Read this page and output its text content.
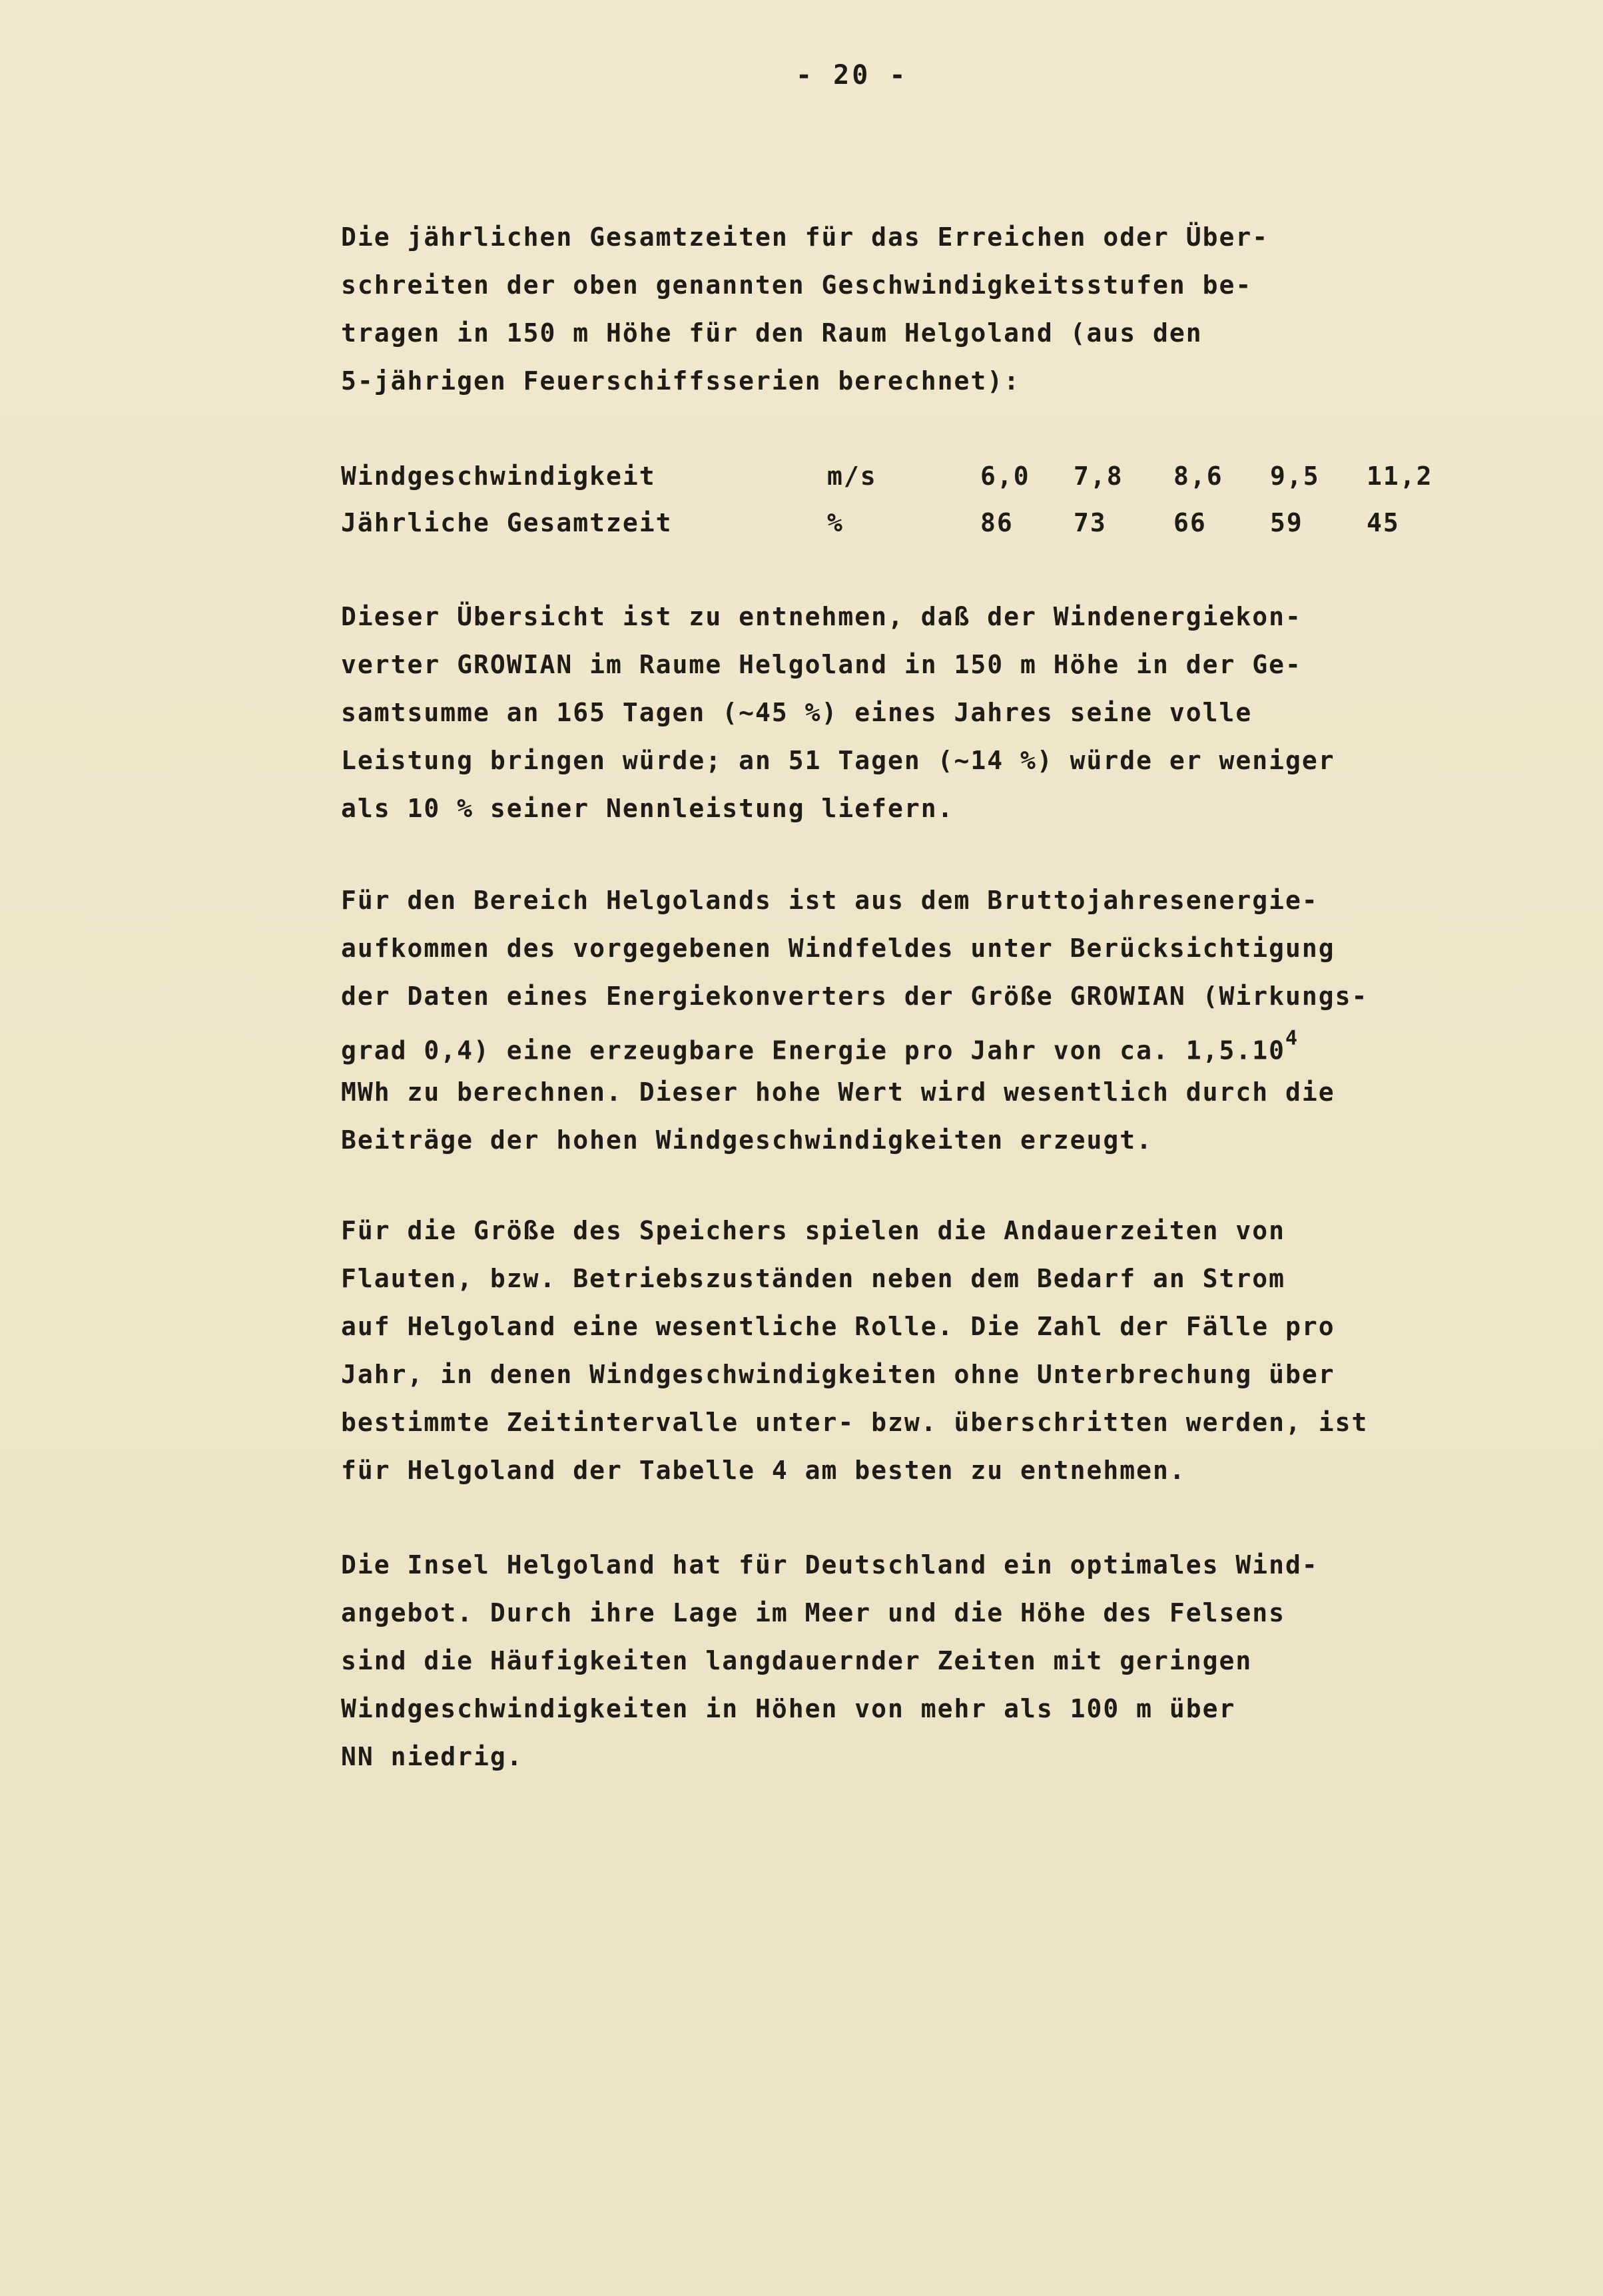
- 20 -
Die jährlichen Gesamtzeiten für das Erreichen oder Über-
schreiten der oben genannten Geschwindigkeitsstufen be-
tragen in 150 m Höhe für den Raum Helgoland (aus den
5-jährigen Feuerschiffsserien berechnet):
Windgeschwindigkeit	m/s	6,0 7,8 8,6 9,5 11,2
Jährliche Gesamtzeit	%	86 73	66	59	45
Dieser Übersicht ist zu entnehmen, daß der Windenergiekon-
verter GROWIAN im Raume Helgoland in 150 m Höhe in der Ge-
samtsumme an 165 Tagen (~45 %) eines Jahres seine volle
Leistung bringen würde; an 51 Tagen (~14 %) würde er weniger
als 10 % seiner Nennleistung liefern.
Für den Bereich Helgolands ist aus dem Bruttojahresenergie-
aufkommen des vorgegebenen Windfeldes unter Berücksichtigung
der Daten eines Energiekonverters der Größe GROWIAN (Wirkungs-
grad 0,4) eine erzeugbare Energie pro Jahr von ca. 1,5.10$^4$
MWh zu berechnen. Dieser hohe Wert wird wesentlich durch die
Beiträge der hohen Windgeschwindigkeiten erzeugt.
Für die Größe des Speichers spielen die Andauerzeiten von
Flauten, bzw. Betriebszuständen neben dem Bedarf an Strom
auf Helgoland eine wesentliche Rolle. Die Zahl der Fälle pro
Jahr, in denen Windgeschwindigkeiten ohne Unterbrechung über
bestimmte Zeitintervalle unter- bzw. überschritten werden, ist
für Helgoland der Tabelle 4 am besten zu entnehmen.
Die Insel Helgoland hat für Deutschland ein optimales Wind-
angebot. Durch ihre Lage im Meer und die Höhe des Felsens
sind die Häufigkeiten langdauernder Zeiten mit geringen
Windgeschwindigkeiten in Höhen von mehr als 100 m über
NN niedrig.
